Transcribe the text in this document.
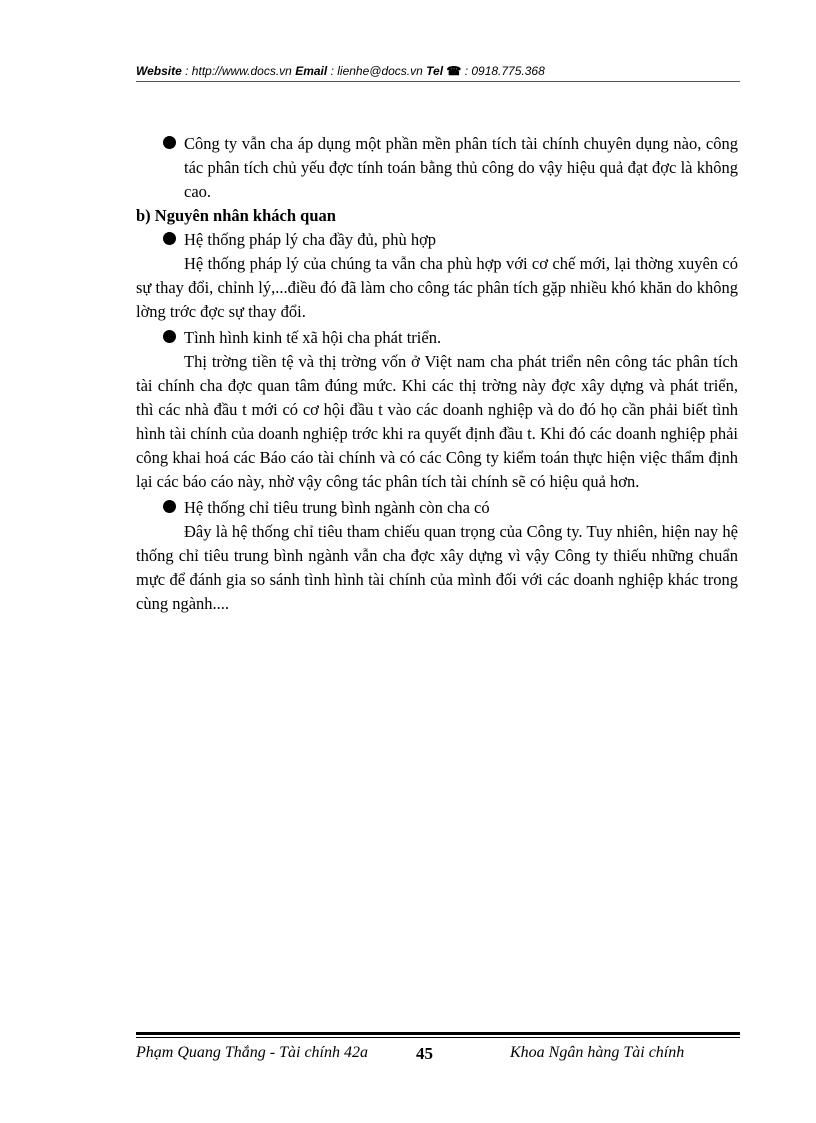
Website : http://www.docs.vn Email : lienhe@docs.vn Tel ☎ : 0918.775.368
Công ty vẫn cha áp dụng một phần mền phân tích tài chính chuyên dụng nào, công tác phân tích chủ yếu đợc tính toán bằng thủ công do vậy hiệu quả đạt đợc là không cao.

b) Nguyên nhân khách quan

Hệ thống pháp lý cha đầy đủ, phù hợp

Hệ thống pháp lý của chúng ta vẫn cha phù hợp với cơ chế mới, lại thờng xuyên có sự thay đổi, chỉnh lý,...điều đó đã làm cho công tác phân tích gặp nhiều khó khăn do không lờng trớc đợc sự thay đổi.

Tình hình kinh tế xã hội cha phát triển.

Thị trờng tiền tệ và thị trờng vốn ở Việt nam cha phát triển nên công tác phân tích tài chính cha đợc quan tâm đúng mức. Khi các thị trờng này đợc xây dựng và phát triển, thì các nhà đầu t mới có cơ hội đầu t vào các doanh nghiệp và do đó họ cần phải biết tình hình tài chính của doanh nghiệp trớc khi ra quyết định đầu t. Khi đó các doanh nghiệp phải công khai hoá các Báo cáo tài chính và có các Công ty kiểm toán thực hiện việc thẩm định lại các báo cáo này, nhờ vậy công tác phân tích tài chính sẽ có hiệu quả hơn.

Hệ thống chỉ tiêu trung bình ngành còn cha có

Đây là hệ thống chỉ tiêu tham chiếu quan trọng của Công ty. Tuy nhiên, hiện nay hệ thống chỉ tiêu trung bình ngành vẫn cha đợc xây dựng vì vậy Công ty thiếu những chuẩn mực để đánh gia so sánh tình hình tài chính của mình đối với các doanh nghiệp khác trong cùng ngành....

Phạm Quang Thắng - Tài chính 42a	45	Khoa Ngân hàng Tài chính
